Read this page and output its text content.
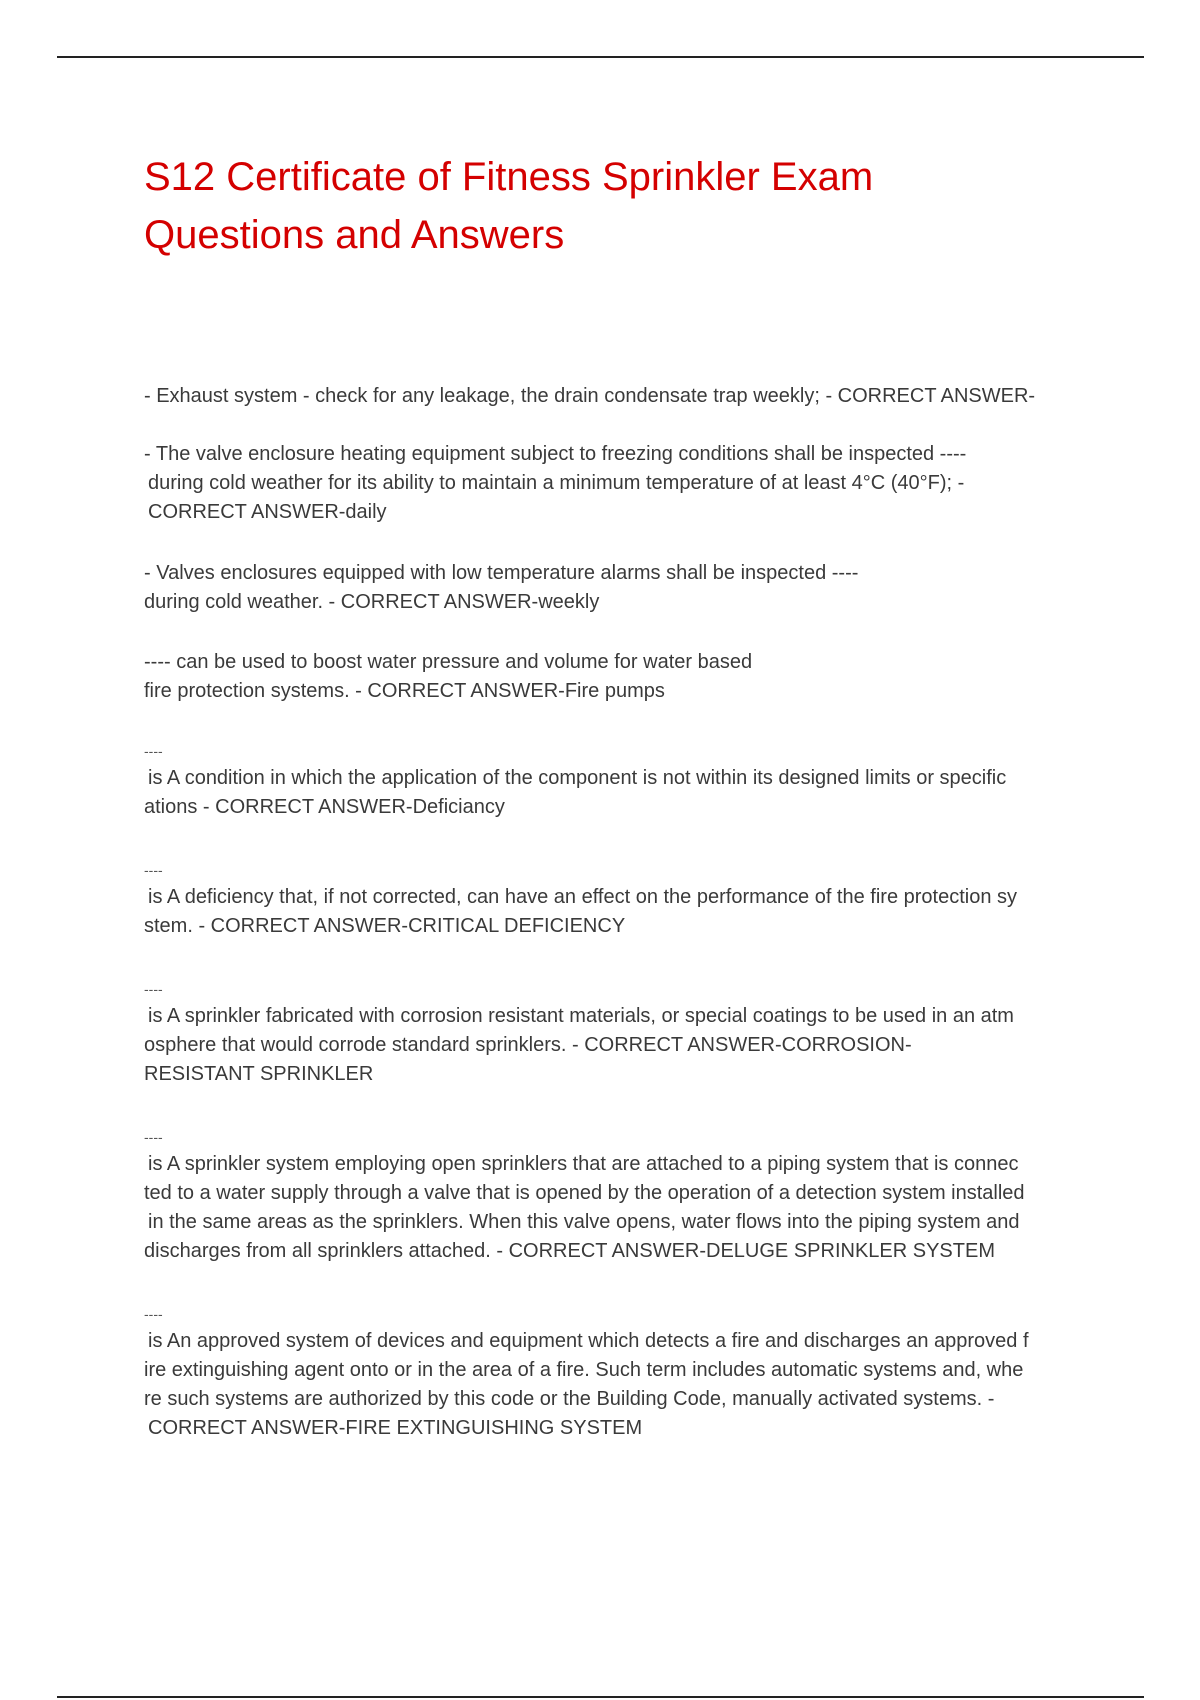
S12 Certificate of Fitness Sprinkler Exam
Questions and Answers
- Exhaust system - check for any leakage, the drain condensate trap weekly; - CORRECT ANSWER-
- The valve enclosure heating equipment subject to freezing conditions shall be inspected ----
during cold weather for its ability to maintain a minimum temperature of at least 4°C (40°F); -
CORRECT ANSWER-daily
- Valves enclosures equipped with low temperature alarms shall be inspected ----
during cold weather. - CORRECT ANSWER-weekly
---- can be used to boost water pressure and volume for water based
fire protection systems. - CORRECT ANSWER-Fire pumps
----
is A condition in which the application of the component is not within its designed limits or specific
ations - CORRECT ANSWER-Deficiancy
----
is A deficiency that, if not corrected, can have an effect on the performance of the fire protection sy
stem. - CORRECT ANSWER-CRITICAL DEFICIENCY
----
is A sprinkler fabricated with corrosion resistant materials, or special coatings to be used in an atm
osphere that would corrode standard sprinklers. - CORRECT ANSWER-CORROSION-
RESISTANT SPRINKLER
----
is A sprinkler system employing open sprinklers that are attached to a piping system that is connec
ted to a water supply through a valve that is opened by the operation of a detection system installed
in the same areas as the sprinklers. When this valve opens, water flows into the piping system and
discharges from all sprinklers attached. - CORRECT ANSWER-DELUGE SPRINKLER SYSTEM
----
is An approved system of devices and equipment which detects a fire and discharges an approved f
ire extinguishing agent onto or in the area of a fire. Such term includes automatic systems and, whe
re such systems are authorized by this code or the Building Code, manually activated systems. -
CORRECT ANSWER-FIRE EXTINGUISHING SYSTEM
